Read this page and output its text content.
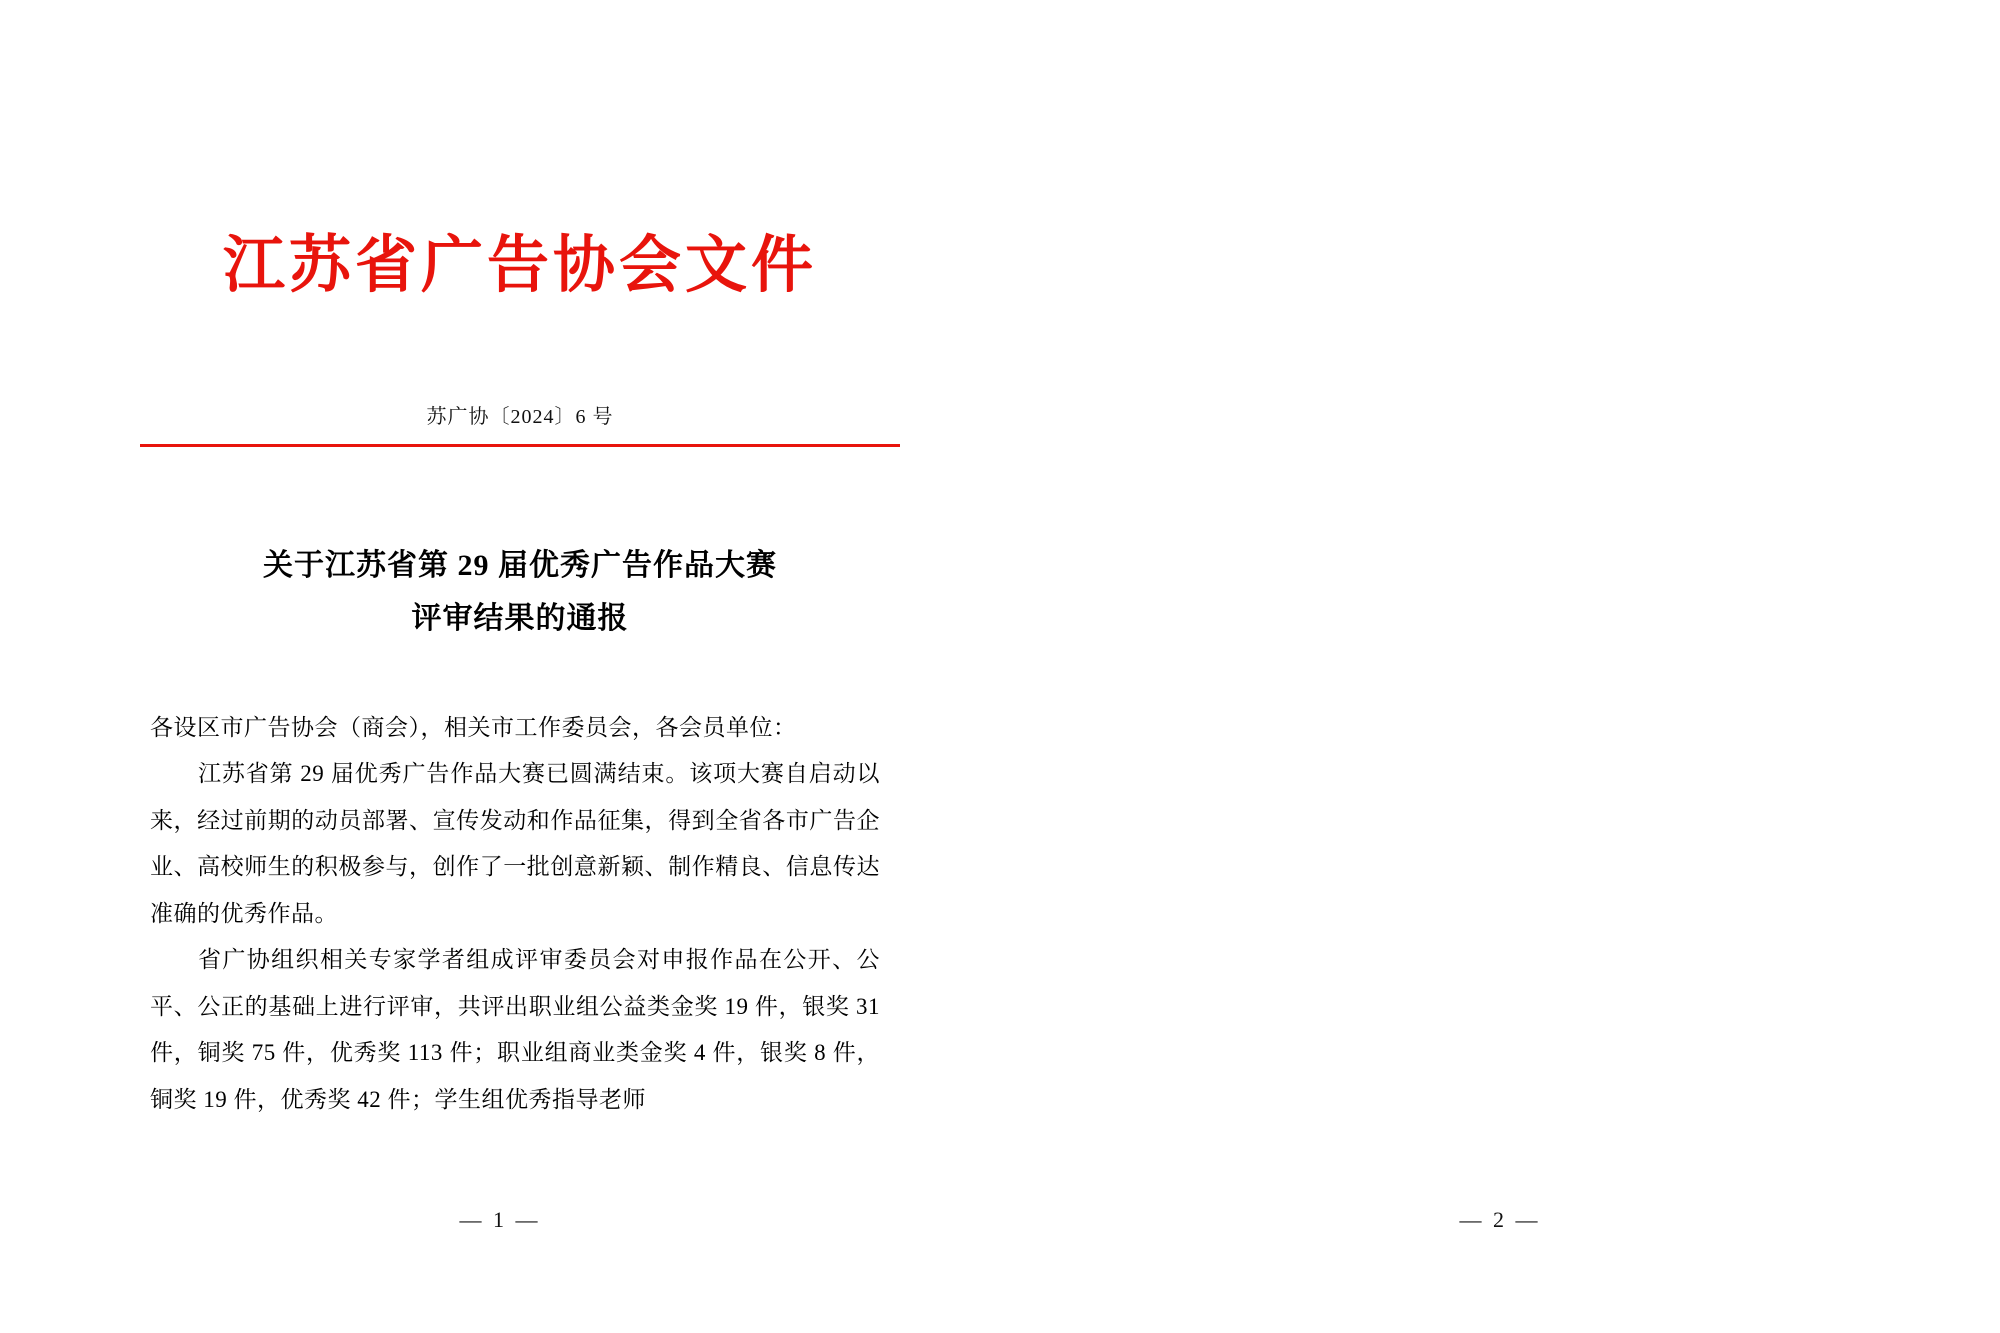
江苏省广告协会文件
苏广协〔2024〕6 号
关于江苏省第 29 届优秀广告作品大赛
评审结果的通报

各设区市广告协会（商会），相关市工作委员会，各会员单位：

江苏省第 29 届优秀广告作品大赛已圆满结束。该项大赛自启动以来，经过前期的动员部署、宣传发动和作品征集，得到全省各市广告企业、高校师生的积极参与，创作了一批创意新颖、制作精良、信息传达准确的优秀作品。

省广协组织相关专家学者组成评审委员会对申报作品在公开、公平、公正的基础上进行评审，共评出职业组公益类金奖 19 件，银奖 31 件，铜奖 75 件，优秀奖 113 件；职业组商业类金奖 4 件，银奖 8 件，铜奖 19 件，优秀奖 42 件；学生组优秀指导老师

— 1 —	— 2 —
